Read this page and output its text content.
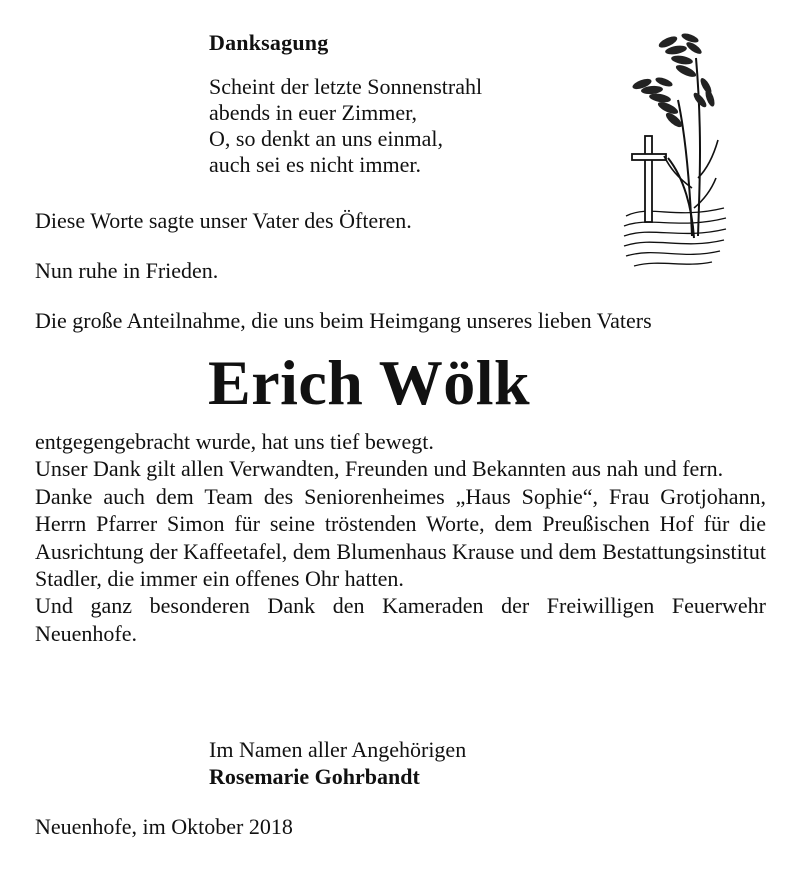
Danksagung
Scheint der letzte Sonnenstrahl
abends in euer Zimmer,
O, so denkt an uns einmal,
auch sei es nicht immer.
Diese Worte sagte unser Vater des Öfteren.
Nun ruhe in Frieden.
Die große Anteilnahme, die uns beim Heimgang unseres lieben Vaters
Erich Wölk

entgegengebracht wurde, hat uns tief bewegt.

Unser Dank gilt allen Verwandten, Freunden und Bekannten aus nah und fern.

Danke auch dem Team des Seniorenheimes „Haus Sophie“, Frau Grotjohann, Herrn Pfarrer Simon für seine tröstenden Worte, dem Preußischen Hof für die Ausrichtung der Kaffeetafel, dem Blumenhaus Krause und dem Bestattungsinstitut Stadler, die immer ein offenes Ohr hatten.

Und ganz besonderen Dank den Kameraden der Freiwilligen Feuerwehr Neuenhofe.

Im Namen aller Angehörigen
Rosemarie Gohrbandt
Neuenhofe, im Oktober 2018
